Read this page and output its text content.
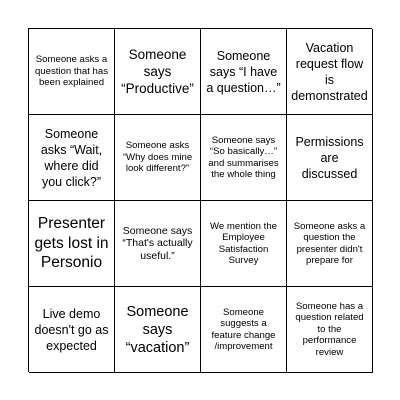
Someone asks a question that has been explained
Someone says “Productive”
Someone says “I have a question…”
Vacation request flow is demonstrated
Someone asks “Wait, where did you click?”
Someone asks “Why does mine look different?”
Someone says “So basically…” and summarises the whole thing
Permissions are discussed
Presenter gets lost in Personio
Someone says “That's actually useful.”
We mention the Employee Satisfaction Survey
Someone asks a question the presenter didn't prepare for
Live demo doesn't go as expected
Someone says “vacation”
Someone suggests a feature change /improvement
Someone has a question related to the performance review
